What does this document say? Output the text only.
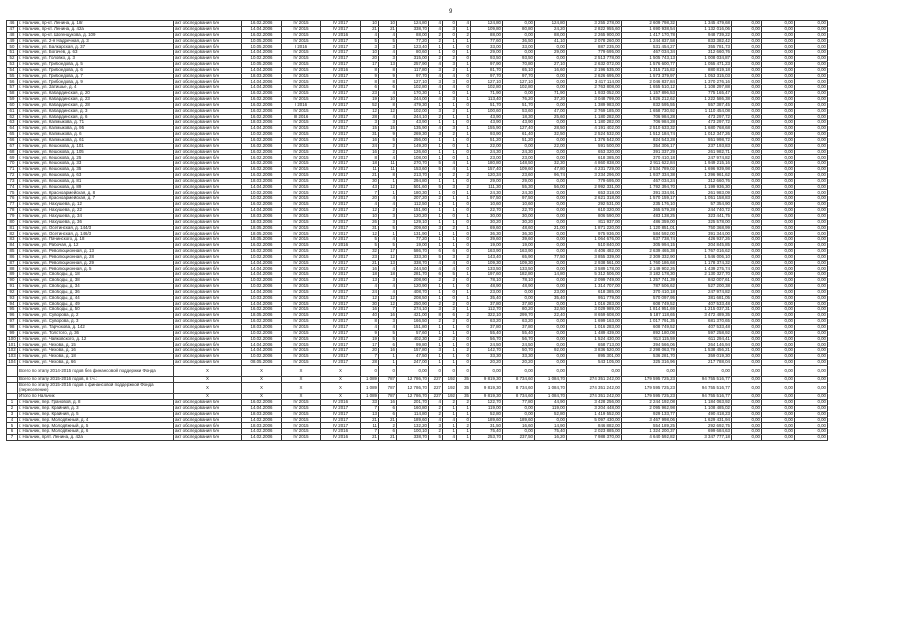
9
46	г. Нальчик, пр-кт. Ленина, д. 18г	акт обследования б/н	16.02.2006	IV 2015	IV 2017	10	10	124,80	4	0	4	124,80	0,00	124,80	3 255 278,00	2 609 798,32	1 345 479,68	0,00	0,00	0,00
47	г. Нальчик, пр-кт. Ленина, д. 42а	акт обследования б/н	14.04.2006	IV 2015	IV 2017	21	21	338,70	4	3	1	109,80	80,80	24,20	2 822 955,60	1 690 938,54	1 132 016,06	0,00	0,00	0,00
48	г. Нальчик, пр-кт. Шогенцукова, д. 109	акт обследования б/н	16.02.2006	IV 2015	IV 2016	4	4	88,00	2	0	2	88,00	0,00	88,00	2 265 900,00	1 417 170,78	948 739,22	0,00	0,00	0,00
49	г. Нальчик, ул. 2-я Надречная, д. 3	акт обследования б/н	10.05.2006	IV 2015	IV 2017	5	5	77,20	2	1	1	77,60	36,50	41,10	2 078 260,00	1 244 837,58	833 382,42	0,00	0,00	0,00
50	г. Нальчик, ул. Балкарская, д. 37	акт обследования б/н	10.05.2006	I 2016	IV 2017	3	3	123,40	1	1	0	33,00	33,00	0,00	887 235,00	531 454,27	355 781,73	0,00	0,00	0,00
51	г. Нальчик, ул. Богачев, д. 63	акт обследования б/н	14.04.2006	IV 2015	IV 2017	10	4	80,60	1	0	1	29,00	0,00	29,00	779 695,00	467 034,34	312 660,76	0,00	0,00	0,00
52	г. Нальчик, ул. Головко, д. 3	акт обследования б/н	10.02.2006	IV 2015	IV 2017	20	3	315,00	2	2	0	93,50	93,50	0,00	2 513 778,00	1 505 743,13	1 008 034,87	0,00	0,00	0,00
53	г. Нальчик, ул. Грибоедова, д. 5	акт обследования б/н	10.05.2006	IV 2015	IV 2017	17	13	257,90	4	3	1	97,90	70,80	27,10	2 632 072,00	1 576 600,77	1 055 471,23	0,00	0,00	0,00
54	г. Нальчик, ул. Грибоедова, д. 6	акт обследования б/н	14.04.2006	IV 2015	IV 2016	8	8	117,80	3	2	1	81,70	65,10	16,60	2 196 535,00	1 315 715,82	880 819,18	0,00	0,00	0,00
55	г. Нальчик, ул. Грибоедова, д. 7	акт обследования б/н	18.03.2006	IV 2015	IV 2017	9	9	97,70	4	4	0	97,70	97,70	0,00	2 626 695,00	1 573 379,97	1 053 315,03	0,00	0,00	0,00
56	г. Нальчик, ул. Грибоедова, д. 9	акт обследования б/н	14.04.2006	IV 2015	IV 2017	8	8	127,10	3	3	0	127,10	127,10	0,00	3 417 114,00	2 046 837,84	1 370 276,16	0,00	0,00	0,00
57	г. Нальчик, ул. Затишье, д. 4	акт обследования б/н	14.04.2006	IV 2015	IV 2017	6	6	102,80	4	4	0	102,80	102,80	0,00	2 763 808,00	1 655 510,12	1 108 297,88	0,00	0,00	0,00
58	г. Нальчик, ул. Кабардинская, д. 20	акт обследования б/н	16.02.2006	IV 2015	IV 2017	23	4	170,30	1	0	1	71,90	0,00	71,90	1 933 052,00	1 157 896,53	775 165,47	0,00	0,00	0,00
59	г. Нальчик, ул. Кабардинская, д. 23	акт обследования б/н	16.02.2006	IV 2015	IV 2017	19	10	244,00	4	3	1	113,40	76,20	37,20	3 048 799,00	1 826 212,62	1 222 586,38	0,00	0,00	0,00
60	г. Нальчик, ул. Кабардинская, д. 28	акт обследования б/н	16.02.2006	I 2016	IV 2017	52	8	479,30	1	1	0	51,70	51,70	0,00	1 389 983,00	832 595,55	557 387,45	0,00	0,00	0,00
61	г. Нальчик, ул. Кабардинская, д. 3	акт обследования б/н	16.02.2006	IV 2015	IV 2017	12	12	102,00	3	2	1	100,60	53,60	47,00	2 769 185,00	1 658 730,92	1 110 454,08	0,00	0,00	0,00
62	г. Нальчик, ул. Кабардинская, д. 6	акт обследования б/н	16.02.2006	III 2016	IV 2017	28	4	244,10	2	1	1	43,90	18,30	25,60	1 180 282,00	706 984,28	473 297,72	0,00	0,00	0,00
63	г. Нальчик, ул. Калмыкова, д. 71	акт обследования б/н	18.03.2006	IV 2015	IV 2017	3	3	43,90	1	1	0	43,90	43,90	0,00	1 180 282,00	706 984,28	473 297,72	0,00	0,00	0,00
64	г. Нальчик, ул. Калмыкова, д. 95	акт обследования б/н	14.04.2006	IV 2015	IV 2017	15	15	135,90	4	3	1	155,90	127,40	28,50	4 191 402,00	2 510 633,32	1 680 768,68	0,00	0,00	0,00
65	г. Нальчик, ул. Калмыкова, д. 6	акт обследования б/н	10.02.2006	IV 2015	IV 2017	31	9	269,30	3	2	1	93,90	61,40	32,50	2 524 532,00	1 512 184,74	1 012 347,26	0,00	0,00	0,00
66	г. Нальчик, ул. Калмыкова, д. 61	акт обследования б/н	16.02.2006	IV 2015	IV 2017	16	5	256,00	1	1	0	51,20	51,20	0,00	1 376 542,00	824 543,28	551 998,72	0,00	0,00	0,00
67	г. Нальчик, ул. Кешокова, д. 101	акт обследования б/н	16.02.2006	IV 2015	IV 2017	24	2	149,20	1	0	1	22,00	0,00	22,00	591 500,00	354 306,17	237 193,83	0,00	0,00	0,00
68	г. Нальчик, ул. Кешокова, д. 105	акт обследования б/н	16.02.2006	IV 2015	IV 2017	16	2	126,60	1	1	0	24,30	24,30	0,00	653 320,00	391 337,29	261 982,71	0,00	0,00	0,00
69	г. Нальчик, ул. Кешокова, д. 25	акт обследования б/н	16.02.2006	IV 2015	IV 2017	8	4	108,00	1	0	1	23,00	23,00	0,00	618 385,00	370 410,18	247 974,82	0,00	0,00	0,00
70	г. Нальчик, ул. Кешокова, д. 33	акт обследования б/н	16.02.2006	IV 2015	IV 2017	18	11	270,70	5	4	1	180,80	148,50	32,30	4 860 838,00	2 911 622,84	1 949 215,16	0,00	0,00	0,00
71	г. Нальчик, ул. Кешокова, д. 35	акт обследования б/н	16.02.2006	IV 2015	IV 2017	11	11	153,60	5	4	1	157,40	109,60	47,80	4 231 729,00	2 534 789,02	1 696 939,98	0,00	0,00	0,00
72	г. Нальчик, ул. Кешокова, д. 63	акт обследования б/н	16.02.2006	IV 2015	IV 2017	21	8	213,70	4	2	2	120,34	23,60	96,74	3 234 296,00	1 937 334,38	1 296 961,62	0,00	0,00	0,00
73	г. Нальчик, ул. Кешокова, д. 81	акт обследования б/н	18.03.2006	IV 2015	IV 2017	30	1	294,80	1	1	0	29,00	29,00	0,00	779 695,00	467 034,24	312 660,76	0,00	0,00	0,00
74	г. Нальчик, ул. Кешокова, д. 89	акт обследования б/н	14.04.2006	IV 2015	IV 2017	43	12	501,60	5	3	2	111,30	55,30	56,00	2 992 331,00	1 792 394,70	1 199 936,30	0,00	0,00	0,00
75	г. Нальчик, ул. Красноармейская, д. 8	акт обследования б/н	10.02.2006	IV 2015	IV 2017	7	1	180,30	1	0	1	24,30	24,30	0,00	653 318,00	391 334,91	261 983,09	0,00	0,00	0,00
76	г. Нальчик, ул. Красноармейская, д. 7	акт обследования б/н	10.02.2006	IV 2015	IV 2017	20	4	207,20	2	1	1	97,50	97,50	0,00	2 621 318,00	1 570 159,17	1 051 158,83	0,00	0,00	0,00
77	г. Нальчик, ул. Нахушева, д. 12	акт обследования б/н	16.02.2006	IV 2015	IV 2017	4	4	112,50	1	1	0	10,60	10,60	0,00	292 531,00	235 176,10	57 354,90	0,00	0,00	0,00
78	г. Нальчик, ул. Нахушева, д. 22	акт обследования б/н	14.04.2006	IV 2015	IV 2017	12	2	151,90	1	1	0	22,70	22,70	0,00	610 320,00	365 579,28	244 740,72	0,00	0,00	0,00
79	г. Нальчик, ул. Нахушева, д. 34	акт обследования б/н	18.03.2006	IV 2015	IV 2017	10	3	120,20	1	0	1	30,00	30,00	0,00	806 590,00	483 138,25	323 441,75	0,00	0,00	0,00
80	г. Нальчик, ул. Нахушева, д. 36	акт обследования б/н	18.03.2006	IV 2015	IV 2017	26	3	129,10	1	1	0	30,20	30,20	0,00	811 937,00	486 359,00	325 578,00	0,00	0,00	0,00
81	г. Нальчик, ул. Осетинская, д. 144/3	акт обследования б/н	18.05.2006	IV 2015	IV 2017	31	5	209,60	3	2	1	69,60	48,60	21,00	1 871 220,00	1 120 851,01	750 368,99	0,00	0,00	0,00
82	г. Нальчик, ул. Осетинская, д. 146/3	акт обследования б/н	18.05.2006	IV 2015	IV 2017	12	1	131,90	1	1	0	36,30	36,30	0,00	975 936,00	584 592,00	391 344,00	0,00	0,00	0,00
83	г. Нальчик, ул. Пачинского, д. 18	акт обследования б/н	18.05.2006	IV 2015	IV 2017	5	4	77,20	1	1	0	39,60	39,60	0,00	1 064 676,00	637 738,74	426 937,26	0,00	0,00	0,00
84	г. Нальчик, ул. Рабочая, д. 12	акт обследования б/н	16.02.2006	IV 2015	IV 2016	5	5	19,00	1	1	0	19,00	19,00	0,00	510 840,00	305 994,15	204 845,85	0,00	0,00	0,00
85	г. Нальчик, ул. Революционная, д. 13	акт обследования б/н	16.02.2006	IV 2015	IV 2017	32	17	586,70	6	6	0	163,90	163,90	0,00	4 406 482,00	2 639 465,38	1 767 016,62	0,00	0,00	0,00
86	г. Нальчик, ул. Революционная, д. 28	акт обследования б/н	10.02.2006	IV 2015	IV 2017	23	12	333,30	5	3	2	143,40	65,90	77,50	3 855 339,00	2 309 332,90	1 546 006,10	0,00	0,00	0,00
87	г. Нальчик, ул. Революционная, д. 29	акт обследования б/н	14.04.2006	IV 2015	IV 2017	21	13	338,70	4	4	0	109,30	109,30	0,00	2 938 561,00	1 760 186,68	1 178 374,32	0,00	0,00	0,00
88	г. Нальчик, ул. Революционная, д. 5	акт обследования б/н	14.04.2006	IV 2015	IV 2017	16	4	244,50	4	4	0	133,50	133,50	0,00	3 589 178,00	2 149 902,26	1 439 275,74	0,00	0,00	0,00
89	г. Нальчик, ул. Свободы, д. 18	акт обследования б/н	14.04.2006	IV 2015	IV 2017	18	18	281,70	6	5	1	197,60	182,80	14,80	5 312 506,00	3 182 178,30	2 130 327,70	0,00	0,00	0,00
90	г. Нальчик, ул. Свободы, д. 38	акт обследования б/н	10.02.2006	IV 2015	IV 2017	13	3	208,90	2	2	0	78,10	78,10	0,00	2 099 749,00	1 257 741,39	842 007,61	0,00	0,00	0,00
91	г. Нальчик, ул. Свободы, д. 34	акт обследования б/н	10.02.2006	IV 2015	IV 2017	4	4	120,90	1	1	0	48,90	48,90	0,00	1 314 707,00	787 506,62	527 200,38	0,00	0,00	0,00
92	г. Нальчик, ул. Свободы, д. 36	акт обследования б/н	14.04.2006	IV 2015	IV 2017	24	4	408,70	1	0	1	23,00	0,00	23,00	618 385,00	370 410,18	247 974,82	0,00	0,00	0,00
93	г. Нальчик, ул. Свободы, д. 44	акт обследования б/н	10.03.2006	IV 2015	IV 2017	12	12	208,50	1	0	1	35,40	0,00	35,40	951 779,00	570 097,95	381 681,05	0,00	0,00	0,00
94	г. Нальчик, ул. Свободы, д. 49	акт обследования б/н	14.04.2006	IV 2015	IV 2017	30	12	250,90	2	2	0	37,80	37,80	0,00	1 016 283,00	608 749,52	407 533,48	0,00	0,00	0,00
95	г. Нальчик, ул. Свободы, д. 50	акт обследования б/н	16.02.2006	IV 2015	IV 2017	16	7	274,10	3	2	1	112,70	80,20	32,50	3 029 989,00	1 814 951,69	1 215 037,31	0,00	0,00	0,00
96	г. Нальчик, ул. Суворова, д. 2	акт обследования б/н	18.05.2006	IV 2015	IV 2017	40	16	421,00	8	6	2	322,10	299,70	22,40	8 659 608,00	5 187 118,65	3 472 489,35	0,00	0,00	0,00
97	г. Нальчик, ул. Суворова, д. 3	акт обследования б/н	16.02.2006	IV 2015	IV 2017	8	3	166,50	2	2	0	63,20	63,20	0,00	1 699 163,00	1 017 791,35	681 370,65	0,00	0,00	0,00
98	г. Нальчик, ул. Тарчокова, д. 142	акт обследования б/н	18.03.2006	IV 2015	IV 2017	4	4	151,80	1	1	0	37,80	37,80	0,00	1 016 283,00	608 749,52	407 533,48	0,00	0,00	0,00
99	г. Нальчик, ул. Толстого, д. 36	акт обследования б/н	10.02.2006	IV 2015	IV 2017	9	5	57,60	1	1	0	55,40	55,40	0,00	1 489 439,00	892 180,08	597 258,92	0,00	0,00	0,00
100	г. Нальчик, ул. Чайковского, д. 12	акт обследования б/н	10.02.2006	IV 2015	IV 2017	19	5	402,30	2	2	0	56,70	56,70	0,00	1 524 430,00	913 115,59	611 294,41	0,00	0,00	0,00
101	г. Нальчик, ул. Чехова, д. 15	акт обследования б/н	14.04.2006	IV 2015	IV 2017	17	6	99,80	1	1	0	24,50	24,50	0,00	658 713,00	394 566,06	264 146,94	0,00	0,00	0,00
102	г. Нальчик, ул. Чехова, д. 16	акт обследования б/н	14.04.2006	IV 2015	IV 2017	20	16	157,80	3	1	2	142,70	50,70	92,00	3 836 520,00	2 298 063,79	1 538 456,21	0,00	0,00	0,00
103	г. Нальчик, ул. Чехова, д. 18	акт обследования б/н	10.02.2006	IV 2015	IV 2017	7	1	47,50	1	1	0	33,30	33,30	0,00	895 301,00	536 281,70	359 019,30	0,00	0,00	0,00
104	г. Нальчик, ул. Чехова, д. 66	акт обследования б/н	08.05.2006	IV 2015	IV 2017	28	1	247,00	1	1	0	20,20	20,20	0,00	543 105,00	325 316,96	217 788,04	0,00	0,00	0,00
	Всего по этапу 2014-2015 годов без финансовой поддержки Фонда	X	X	X	X	0	0	0,00	0	0	0	0,00	0,00	0,00	0,00	0,00	0,00	0,00	0,00	0,00
	Всего по этапу 2015-2016 годов, в т.ч.:	X	X	X	X	1 089	787	12 786,70	227	192	35	9 819,30	8 734,60	1 084,70	274 351 242,00	179 595 725,23	94 755 516,77	0,00	0,00	0,00
	Всего по этапу 2015-2016 годов с финансовой поддержкой Фонда (переселение)	X	X	X	X	1 089	787	12 786,70	227	192	35	9 819,30	8 734,60	1 084,70	274 351 242,00	179 595 725,23	94 755 516,77	0,00	0,00	0,00
	Итого по Нальчик	X	X	X	X	1 089	787	12 786,70	227	192	35	9 819,30	8 734,60	1 084,70	274 351 242,00	179 595 725,23	94 755 516,77	0,00	0,00	0,00
1	г. Нальчик, пер. Грановой, д. 8	акт обследования б/н	16.02.2006	IV 2015	IV 2016	33	16	201,70	4	2	2	122,70	77,80	44,90	3 428 256,00	2 244 192,08	1 184 063,92	0,00	0,00	0,00
2	г. Нальчик, пер. Крайний, д. 3	акт обследования б/н	14.04.2006	IV 2015	IV 2017	7	6	160,80	2	1	1	119,00	0,00	119,00	3 204 448,00	2 095 962,98	1 108 485,02	0,00	0,00	0,00
3	г. Нальчик, пер. Крайний, д. 5	акт обследования б/н	18.03.2006	IV 2015	IV 2017	13	6	114,80	2	1	1	52,80	0,00	52,80	1 419 552,00	929 133,77	490 418,23	0,00	0,00	0,00
4	г. Нальчик, пер. Молодёжный, д. 4	акт обследования б/н	14.02.2006	IV 2015	IV 2017	21	21	189,60	4	4	0	189,60	189,60	0,00	5 097 430,00	3 467 998,06	1 629 431,94	0,00	0,00	0,00
5	г. Нальчик, пер. Молодёжный, д. 5	акт обследования б/н	18.03.2006	IV 2015	IV 2017	11	2	132,20	3	1	2	31,50	16,60	14,90	846 882,00	554 189,25	292 692,75	0,00	0,00	0,00
6	г. Нальчик, пер. Молодёжный, д. 6	акт обследования б/н	14.02.2006	IV 2015	IV 2016	7	6	100,10	2	1	1	75,40	0,00	75,40	2 023 885,00	1 324 200,37	699 684,63	0,00	0,00	0,00
7	г. Нальчик, прлт. Ленина, д. 42а	акт обследования б/н	14.02.2006	IV 2015	IV 2016	21	21	338,70	5	4	1	253,70	237,50	16,20	7 988 370,00	4 640 592,82	3 347 777,18	0,00	0,00	0,00
